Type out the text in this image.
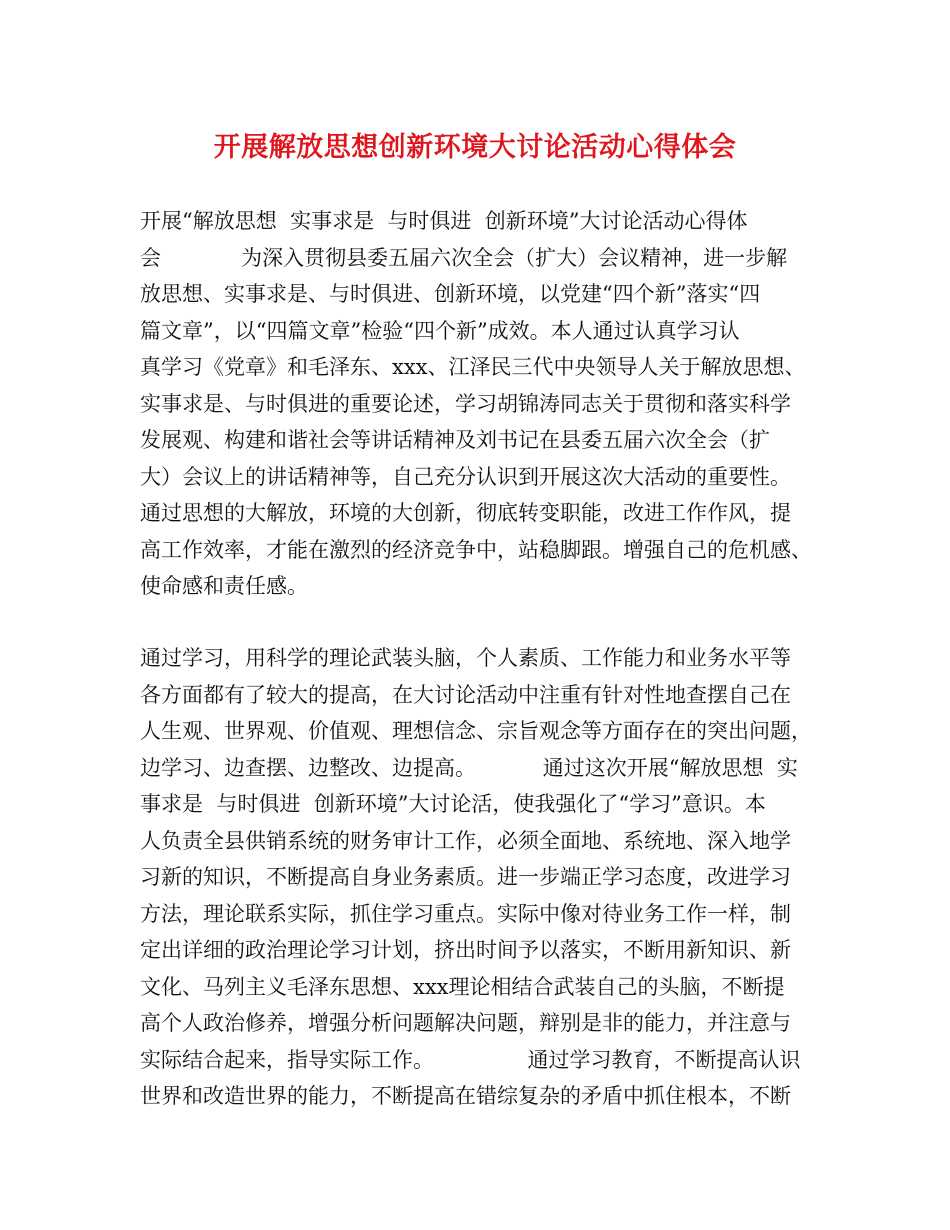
开展解放思想创新环境大讨论活动心得体会
开展“解放思想  实事求是  与时俱进  创新环境”大讨论活动心得体
会            为深入贯彻县委五届六次全会（扩大）会议精神，进一步解
放思想、实事求是、与时俱进、创新环境，以党建“四个新”落实“四
篇文章”，以“四篇文章”检验“四个新”成效。本人通过认真学习认
真学习《党章》和毛泽东、xxx、江泽民三代中央领导人关于解放思想、
实事求是、与时俱进的重要论述，学习胡锦涛同志关于贯彻和落实科学
发展观、构建和谐社会等讲话精神及刘书记在县委五届六次全会（扩
大）会议上的讲话精神等，自己充分认识到开展这次大活动的重要性。
通过思想的大解放，环境的大创新，彻底转变职能，改进工作作风，提
高工作效率，才能在激烈的经济竞争中，站稳脚跟。增强自己的危机感、
使命感和责任感。
通过学习，用科学的理论武装头脑，个人素质、工作能力和业务水平等
各方面都有了较大的提高，在大讨论活动中注重有针对性地查摆自己在
人生观、世界观、价值观、理想信念、宗旨观念等方面存在的突出问题，
边学习、边查摆、边整改、边提高。          通过这次开展“解放思想  实
事求是  与时俱进  创新环境”大讨论活，使我强化了“学习”意识。本
人负责全县供销系统的财务审计工作，必须全面地、系统地、深入地学
习新的知识，不断提高自身业务素质。进一步端正学习态度，改进学习
方法，理论联系实际，抓住学习重点。实际中像对待业务工作一样，制
定出详细的政治理论学习计划，挤出时间予以落实，不断用新知识、新
文化、马列主义毛泽东思想、xxx理论相结合武装自己的头脑，不断提
高个人政治修养，增强分析问题解决问题，辩别是非的能力，并注意与
实际结合起来，指导实际工作。              通过学习教育，不断提高认识
世界和改造世界的能力，不断提高在错综复杂的矛盾中抓住根本，不断
